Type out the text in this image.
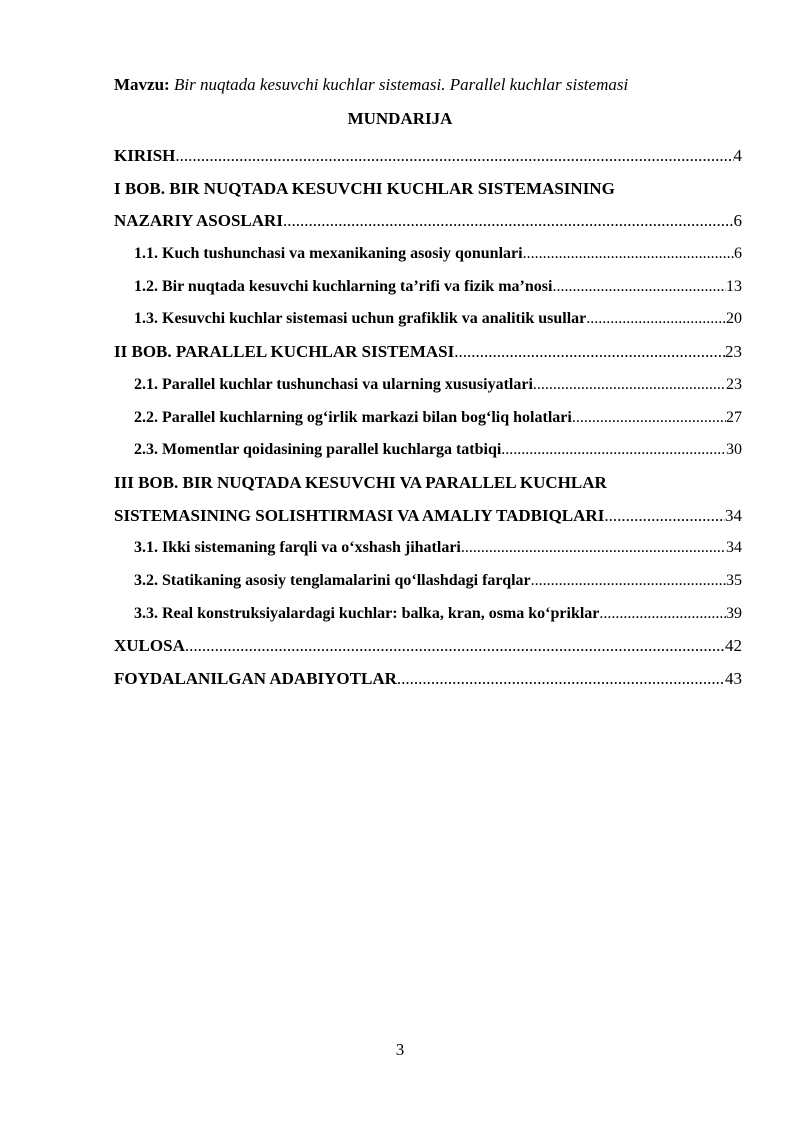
Mavzu: Bir nuqtada kesuvchi kuchlar sistemasi. Parallel kuchlar sistemasi
MUNDARIJA
KIRISH .....	4
I BOB. BIR NUQTADA KESUVCHI KUCHLAR SISTEMASINING
NAZARIY ASOSLARI .....	6
1.1. Kuch tushunchasi va mexanikaning asosiy qonunlari .....	6
1.2. Bir nuqtada kesuvchi kuchlarning ta’rifi va fizik ma’nosi .....	13
1.3. Kesuvchi kuchlar sistemasi uchun grafiklik va analitik usullar .....	20
II BOB. PARALLEL KUCHLAR SISTEMASI .....	23
2.1. Parallel kuchlar tushunchasi va ularning xususiyatlari .....	23
2.2. Parallel kuchlarning og‘irlik markazi bilan bog‘liq holatlari .....	27
2.3. Momentlar qoidasining parallel kuchlarga tatbiqi .....	30
III BOB. BIR NUQTADA KESUVCHI VA PARALLEL KUCHLAR
SISTEMASINING SOLISHTIRMASI VA AMALIY TADBIQLARI .....	34
3.1. Ikki sistemaning farqli va o‘xshash jihatlari .....	34
3.2. Statikaning asosiy tenglamalarini qo‘llashdagi farqlar .....	35
3.3. Real konstruksiyalardagi kuchlar: balka, kran, osma ko‘priklar .....	39
XULOSA .....	42
FOYDALANILGAN ADABIYOTLAR .....	43
3
